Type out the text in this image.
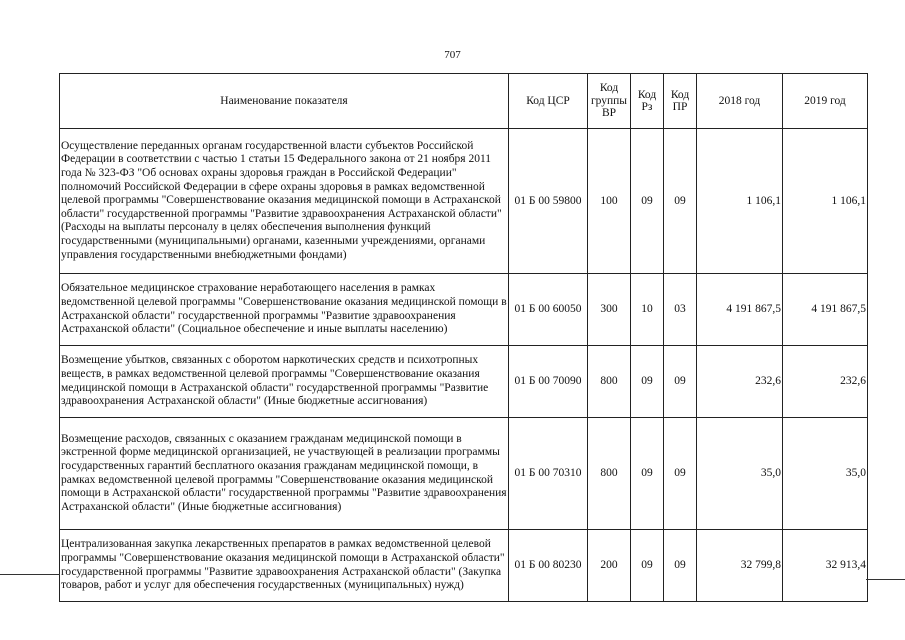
707
Наименование показателя	Код ЦСР	Код группы ВР	Код Рз	Код ПР	2018 год	2019 год
Осуществление переданных органам государственной власти субъектов Российской Федерации в соответствии с частью 1 статьи 15 Федерального закона от 21 ноября 2011 года № 323-ФЗ "Об основах охраны здоровья граждан в Российской Федерации" полномочий Российской Федерации в сфере охраны здоровья в рамках ведомственной целевой программы "Совершенствование оказания медицинской помощи в Астраханской области" государственной программы "Развитие здравоохранения Астраханской области" (Расходы на выплаты персоналу в целях обеспечения выполнения функций государственными (муниципальными) органами, казенными учреждениями, органами управления государственными внебюджетными фондами)	01 Б 00 59800	100	09	09	1 106,1	1 106,1
Обязательное медицинское страхование неработающего населения в рамках ведомственной целевой программы "Совершенствование оказания медицинской помощи в Астраханской области" государственной программы "Развитие здравоохранения Астраханской области" (Социальное обеспечение и иные выплаты населению)	01 Б 00 60050	300	10	03	4 191 867,5	4 191 867,5
Возмещение убытков, связанных с оборотом наркотических средств и психотропных веществ, в рамках ведомственной целевой программы "Совершенствование оказания медицинской помощи в Астраханской области" государственной программы "Развитие здравоохранения Астраханской области" (Иные бюджетные ассигнования)	01 Б 00 70090	800	09	09	232,6	232,6
Возмещение расходов, связанных с оказанием гражданам медицинской помощи в экстренной форме медицинской организацией, не участвующей в реализации программы государственных гарантий бесплатного оказания гражданам медицинской помощи, в рамках ведомственной целевой программы "Совершенствование оказания медицинской помощи в Астраханской области" государственной программы "Развитие здравоохранения Астраханской области" (Иные бюджетные ассигнования)	01 Б 00 70310	800	09	09	35,0	35,0
Централизованная закупка лекарственных препаратов в рамках ведомственной целевой программы "Совершенствование оказания медицинской помощи в Астраханской области" государственной программы "Развитие здравоохранения Астраханской области" (Закупка товаров, работ и услуг для обеспечения государственных (муниципальных) нужд)	01 Б 00 80230	200	09	09	32 799,8	32 913,4
